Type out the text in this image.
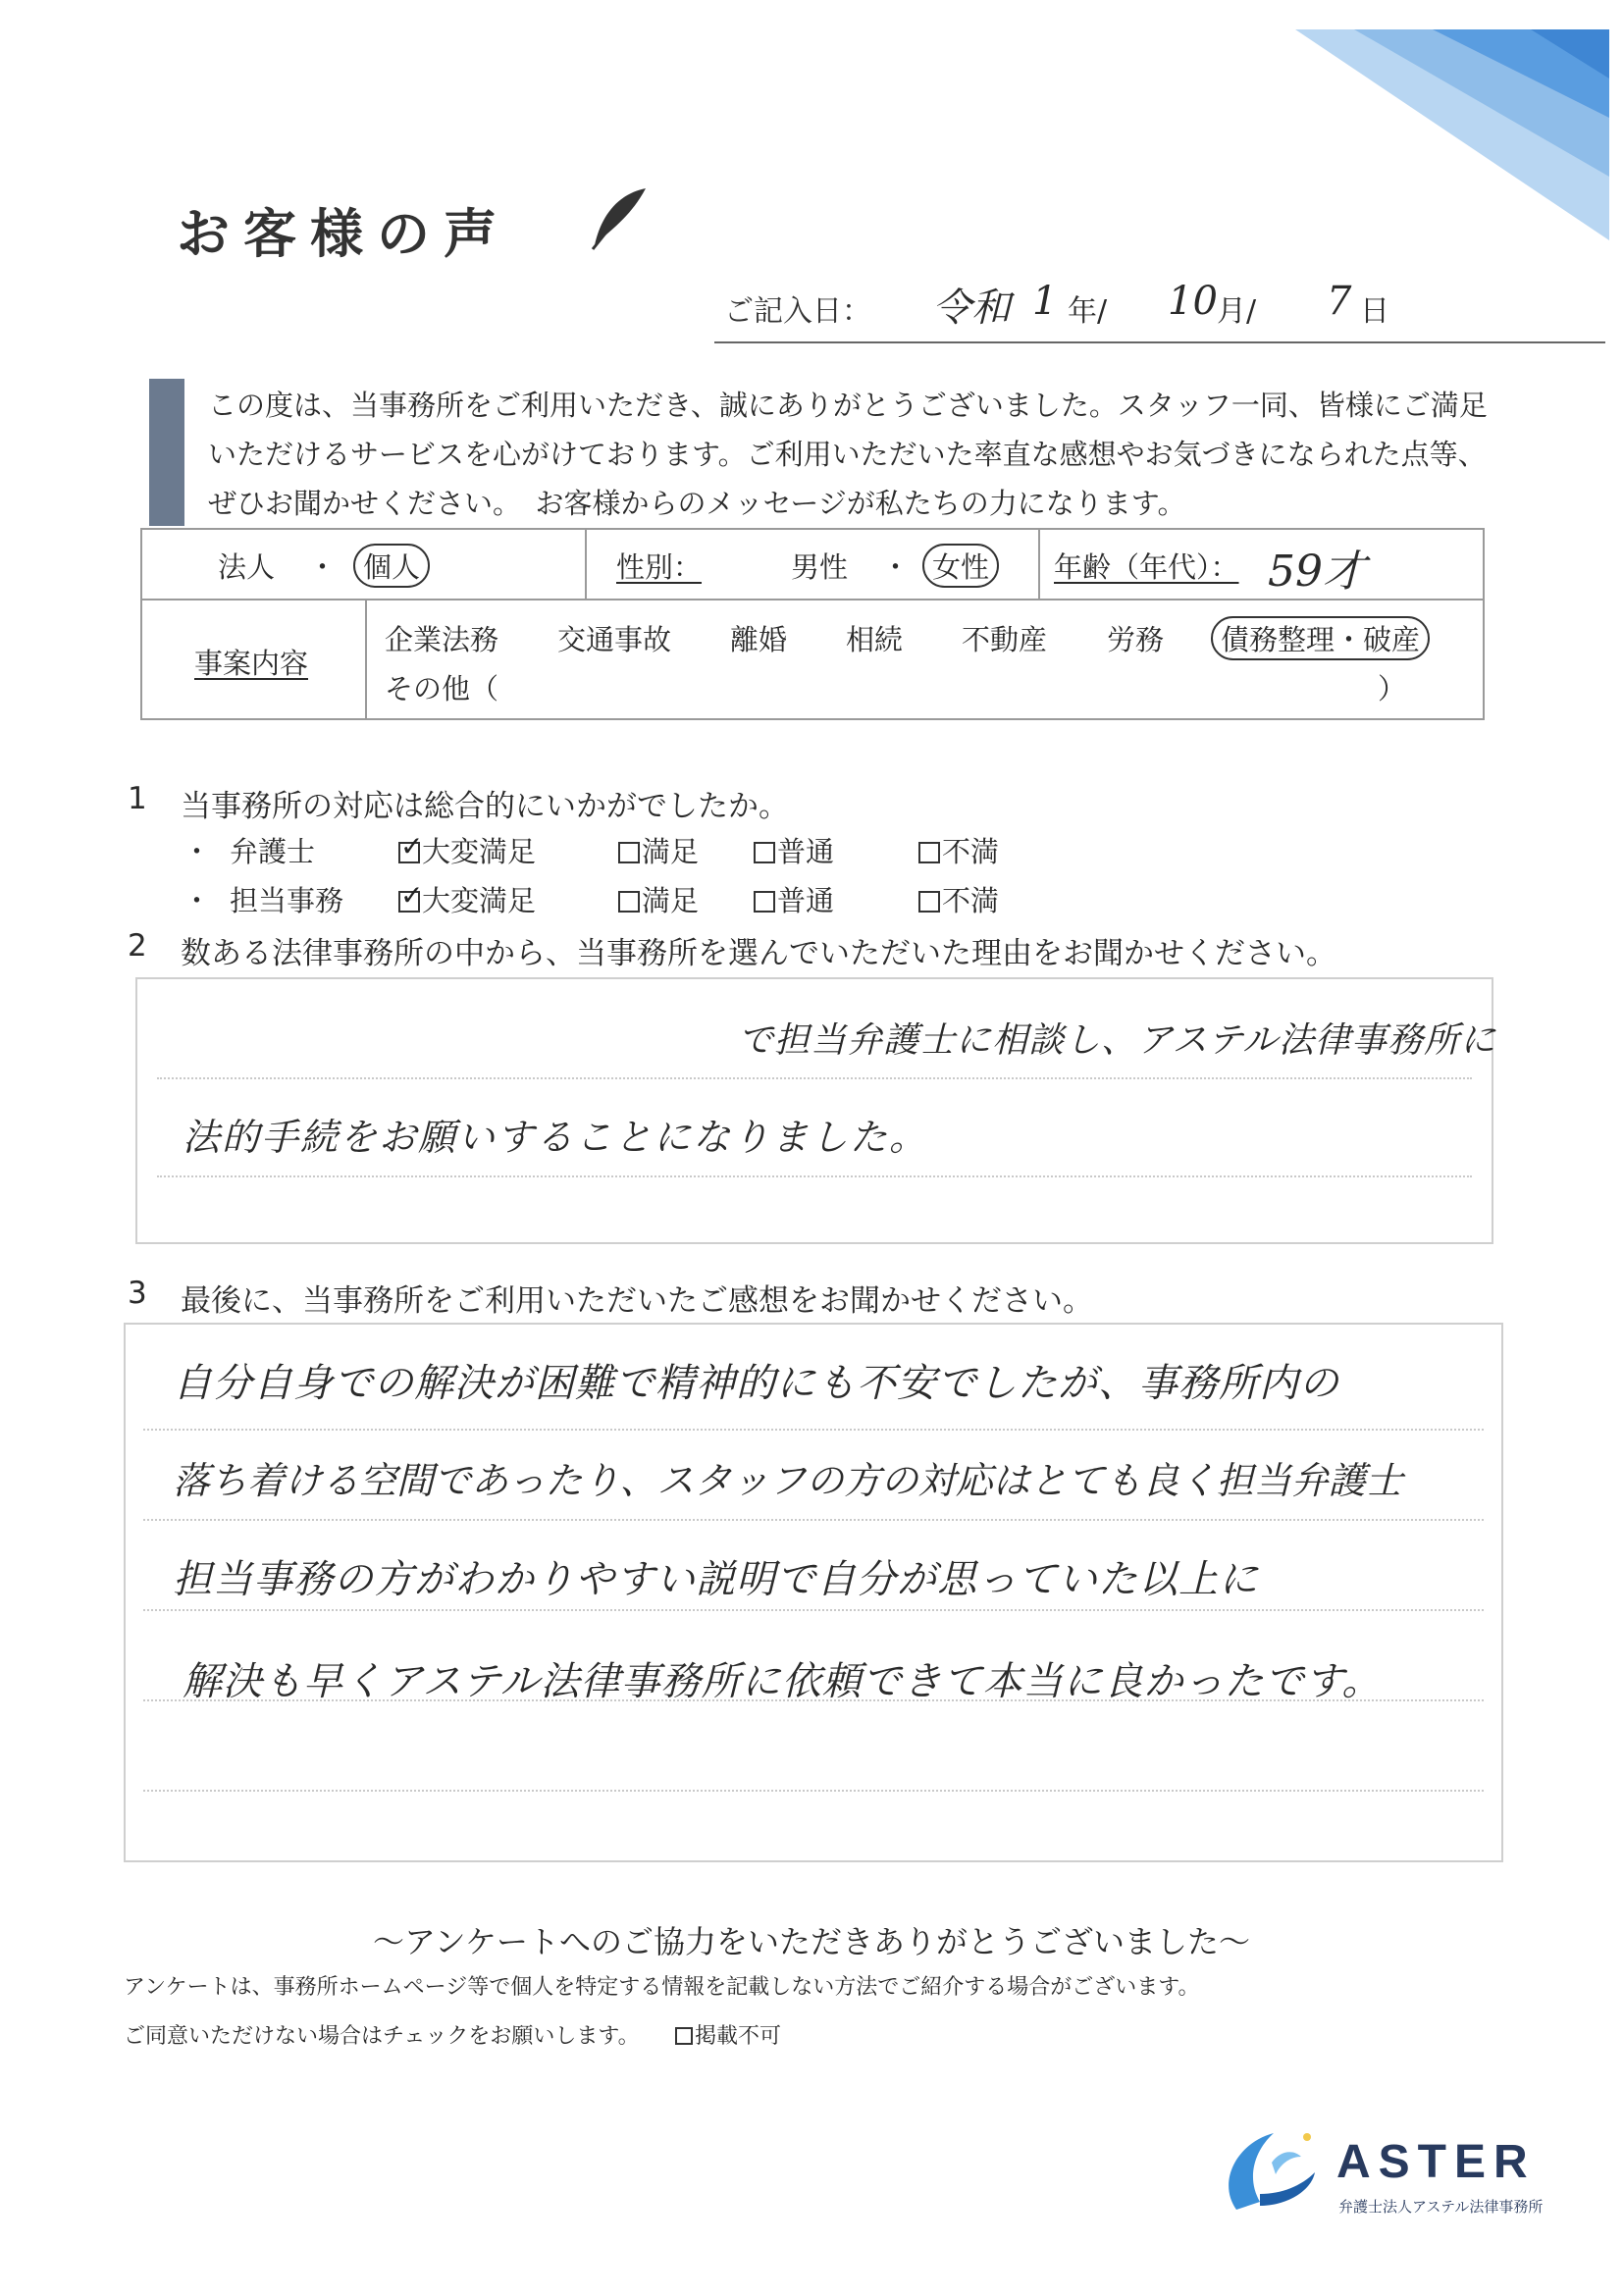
お客様の声
ご記入日： 令和 1 年/ 10 月/ 7 日
この度は、当事務所をご利用いただき、誠にありがとうございました。スタッフ一同、皆様にご満足
いただけるサービスを心がけております。ご利用いただいた率直な感想やお気づきになられた点等、
ぜひお聞かせください。　お客様からのメッセージが私たちの力になります。
法人 ・ 個人	性別：	男性 ・ 女性	年齢（年代）： 59才
事案内容
企業法務 交通事故 離婚 相続 不動産 労務	債務整理・破産
その他（	）
1 当事務所の対応は総合的にいかがでしたか。
・ 弁護士 ✓	大変満足	満足	普通	不満
・ 担当事務 ✓	大変満足	満足	普通	不満
2 数ある法律事務所の中から、当事務所を選んでいただいた理由をお聞かせください。
で担当弁護士に相談し、アステル法律事務所に
法的手続をお願いすることになりました。
3 最後に、当事務所をご利用いただいたご感想をお聞かせください。
自分自身での解決が困難で精神的にも不安でしたが、事務所内の
落ち着ける空間であったり、スタッフの方の対応はとても良く担当弁護士
担当事務の方がわかりやすい説明で自分が思っていた以上に
解決も早くアステル法律事務所に依頼できて本当に良かったです。
〜アンケートへのご協力をいただきありがとうございました〜
アンケートは、事務所ホームページ等で個人を特定する情報を記載しない方法でご紹介する場合がございます。
ご同意いただけない場合はチェックをお願いします。	掲載不可
ASTER
弁護士法人アステル法律事務所
